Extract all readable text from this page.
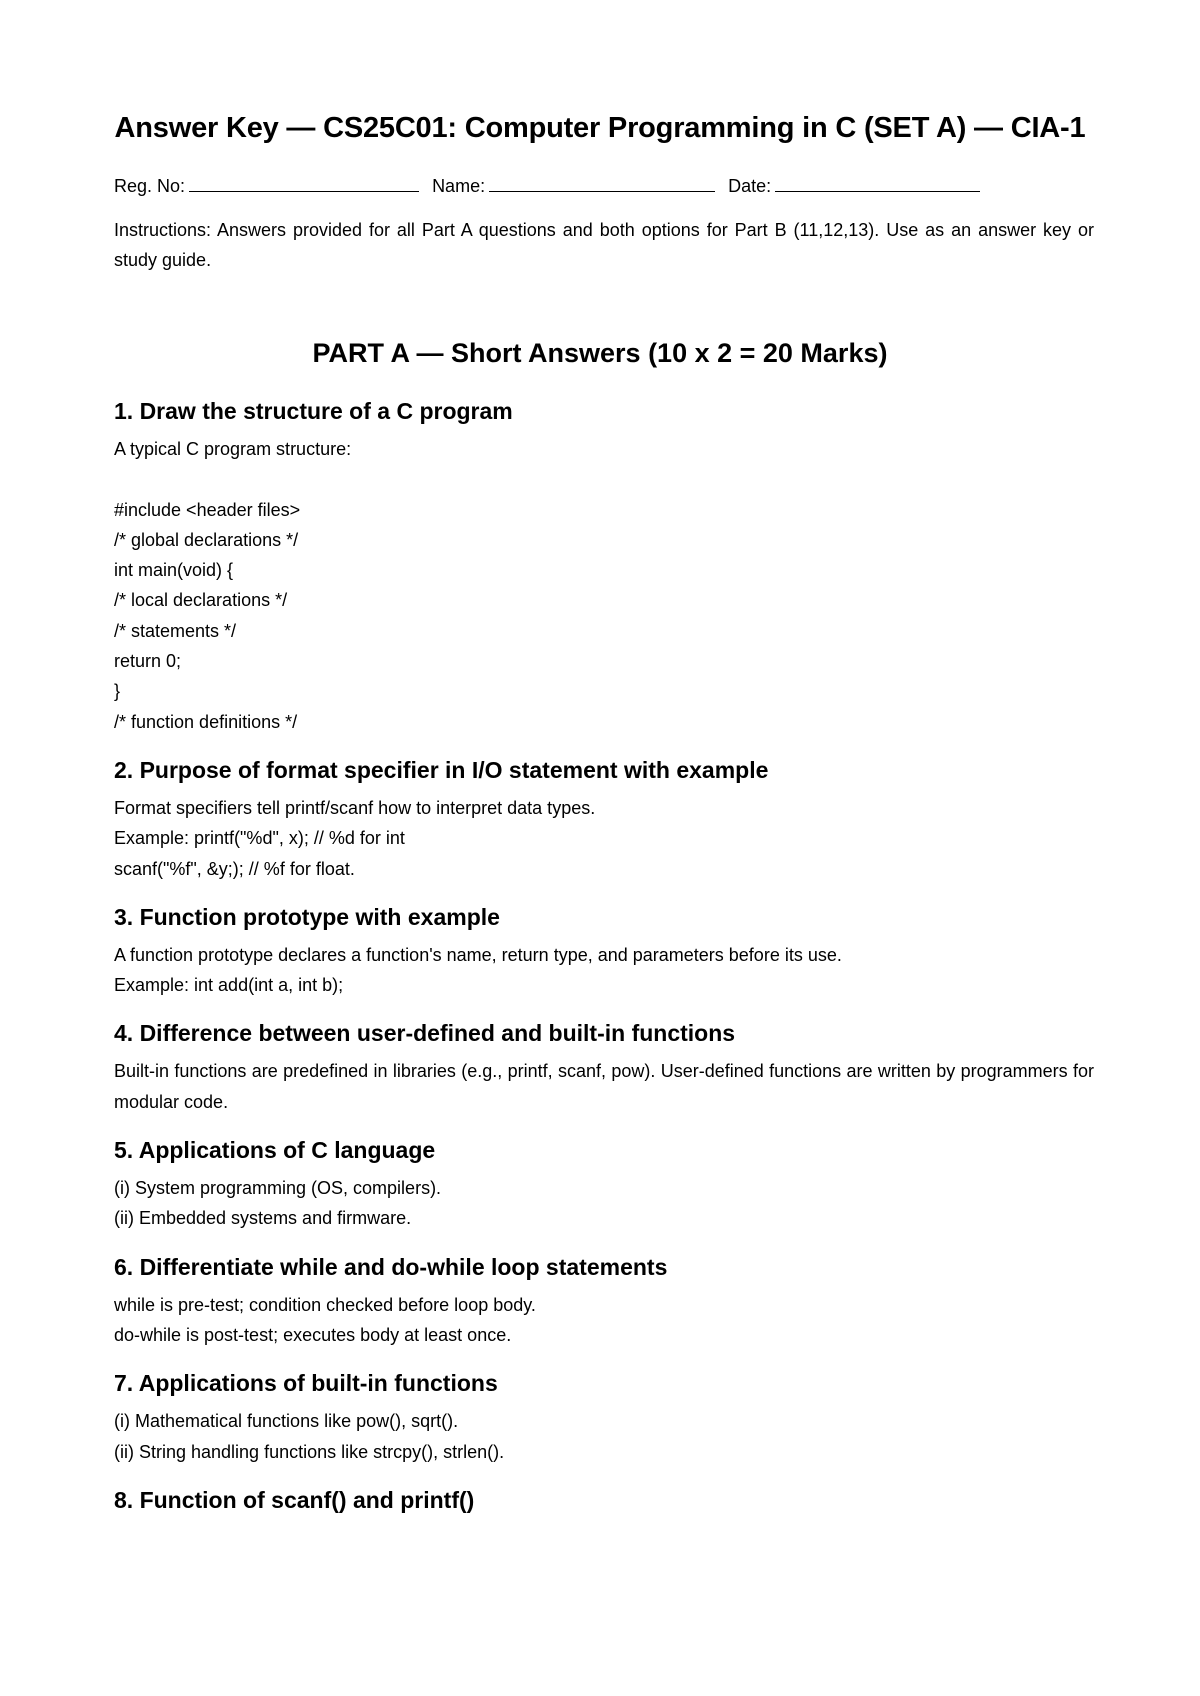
Answer Key — CS25C01: Computer Programming in C (SET A) — CIA-1
Reg. No:	Name:	Date:

Instructions: Answers provided for all Part A questions and both options for Part B (11,12,13). Use as an answer key or study guide.

PART A — Short Answers (10 x 2 = 20 Marks)
1. Draw the structure of a C program

A typical C program structure:
#include <header files>
/* global declarations */
int main(void) {
/* local declarations */
/* statements */
return 0;
}
/* function definitions */

2. Purpose of format specifier in I/O statement with example

Format specifiers tell printf/scanf how to interpret data types.
Example: printf("%d", x); // %d for int
scanf("%f", &y;); // %f for float.

3. Function prototype with example

A function prototype declares a function's name, return type, and parameters before its use.
Example: int add(int a, int b);

4. Difference between user-defined and built-in functions

Built-in functions are predefined in libraries (e.g., printf, scanf, pow). User-defined functions are written by programmers for modular code.

5. Applications of C language

(i) System programming (OS, compilers).
(ii) Embedded systems and firmware.

6. Differentiate while and do-while loop statements

while is pre-test; condition checked before loop body.
do-while is post-test; executes body at least once.

7. Applications of built-in functions

(i) Mathematical functions like pow(), sqrt().
(ii) String handling functions like strcpy(), strlen().

8. Function of scanf() and printf()
